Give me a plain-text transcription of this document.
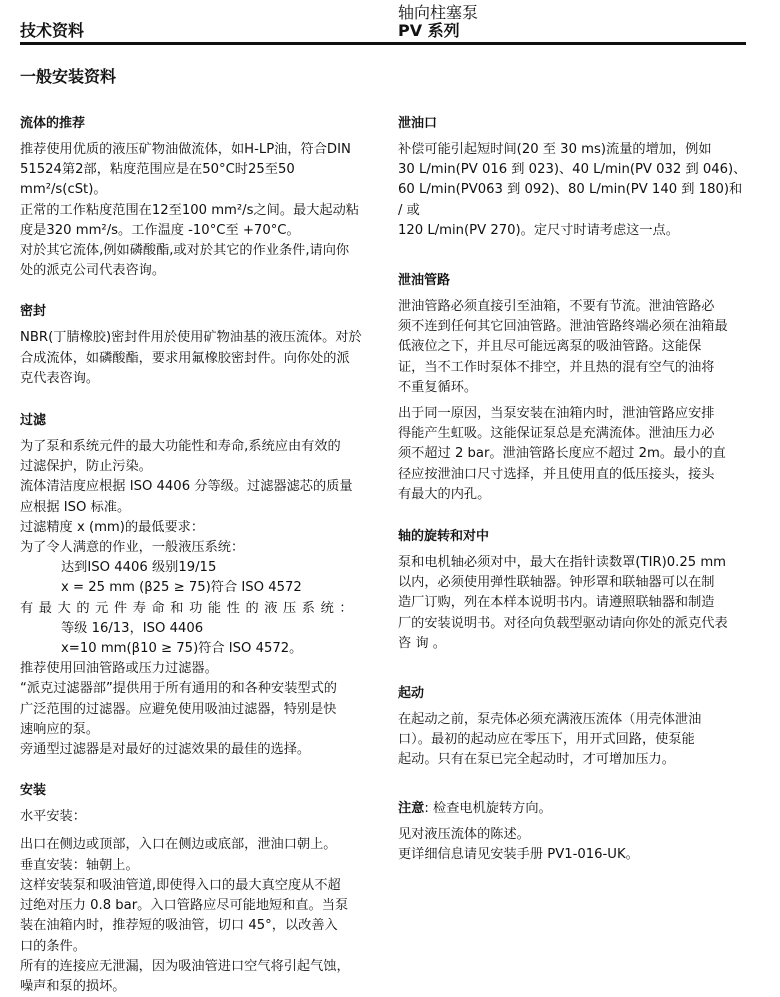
技术资料
轴向柱塞泵
PV 系列
一般安装资料
流体的推荐
推荐使用优质的液压矿物油做流体，如H-LP油，符合DIN
51524第2部，粘度范围应是在50°C时25至50 mm²/s(cSt)。
正常的工作粘度范围在12至100 mm²/s之间。最大起动粘
度是320 mm²/s。工作温度 -10°C至 +70°C。
对於其它流体,例如磷酸酯,或对於其它的作业条件,请向你
处的派克公司代表咨询。
密封
NBR(丁腈橡胶)密封件用於使用矿物油基的液压流体。对於
合成流体，如磷酸酯，要求用氟橡胶密封件。向你处的派
克代表咨询。
过滤
为了泵和系统元件的最大功能性和寿命,系统应由有效的
过滤保护，防止污染。
流体清洁度应根据 ISO 4406 分等级。过滤器滤芯的质量
应根据 ISO 标准。
过滤精度 x (mm)的最低要求：
为了令人满意的作业，一般液压系统：
达到ISO 4406 级别19/15
x = 25 mm (β25 ≥ 75)符合 ISO 4572
有最大的元件寿命和功能性的液压系统：
等级 16/13，ISO 4406
x=10 mm(β10 ≥ 75)符合 ISO 4572。
推荐使用回油管路或压力过滤器。
“派克过滤器部”提供用于所有通用的和各种安装型式的
广泛范围的过滤器。应避免使用吸油过滤器，特别是快
速响应的泵。
旁通型过滤器是对最好的过滤效果的最佳的选择。
安装
水平安装：
出口在侧边或顶部，入口在侧边或底部，泄油口朝上。
垂直安装：轴朝上。
这样安装泵和吸油管道,即使得入口的最大真空度从不超
过绝对压力 0.8 bar。入口管路应尽可能地短和直。当泵
装在油箱内时，推荐短的吸油管，切口 45°，以改善入
口的条件。
所有的连接应无泄漏，因为吸油管进口空气将引起气蚀，
噪声和泵的损坏。
泄油口
补偿可能引起短时间(20 至 30 ms)流量的增加，例如
30 L/min(PV 016 到 023)、40 L/min(PV 032 到 046)、
60 L/min(PV063 到 092)、80 L/min(PV 140 到 180)和 / 或
120 L/min(PV 270)。定尺寸时请考虑这一点。
泄油管路
泄油管路必须直接引至油箱，不要有节流。泄油管路必
须不连到任何其它回油管路。泄油管路终端必须在油箱最
低液位之下，并且尽可能远离泵的吸油管路。这能保
证，当不工作时泵体不排空，并且热的混有空气的油将
不重复循环。
出于同一原因，当泵安装在油箱内时，泄油管路应安排
得能产生虹吸。这能保证泵总是充满流体。泄油压力必
须不超过 2 bar。泄油管路长度应不超过 2m。最小的直
径应按泄油口尺寸选择，并且使用直的低压接头，接头
有最大的内孔。
轴的旋转和对中
泵和电机轴必须对中，最大在指针读数罩(TIR)0.25 mm
以内，必须使用弹性联轴器。钟形罩和联轴器可以在制
造厂订购，列在本样本说明书内。请遵照联轴器和制造
厂的安装说明书。对径向负载型驱动请向你处的派克代表
咨 询 。
起动
在起动之前，泵壳体必须充满液压流体（用壳体泄油
口）。最初的起动应在零压下，用开式回路，使泵能
起动。只有在泵已完全起动时，才可增加压力。
注意: 检查电机旋转方向。
见对液压流体的陈述。
更详细信息请见安装手册 PV1-016-UK。
